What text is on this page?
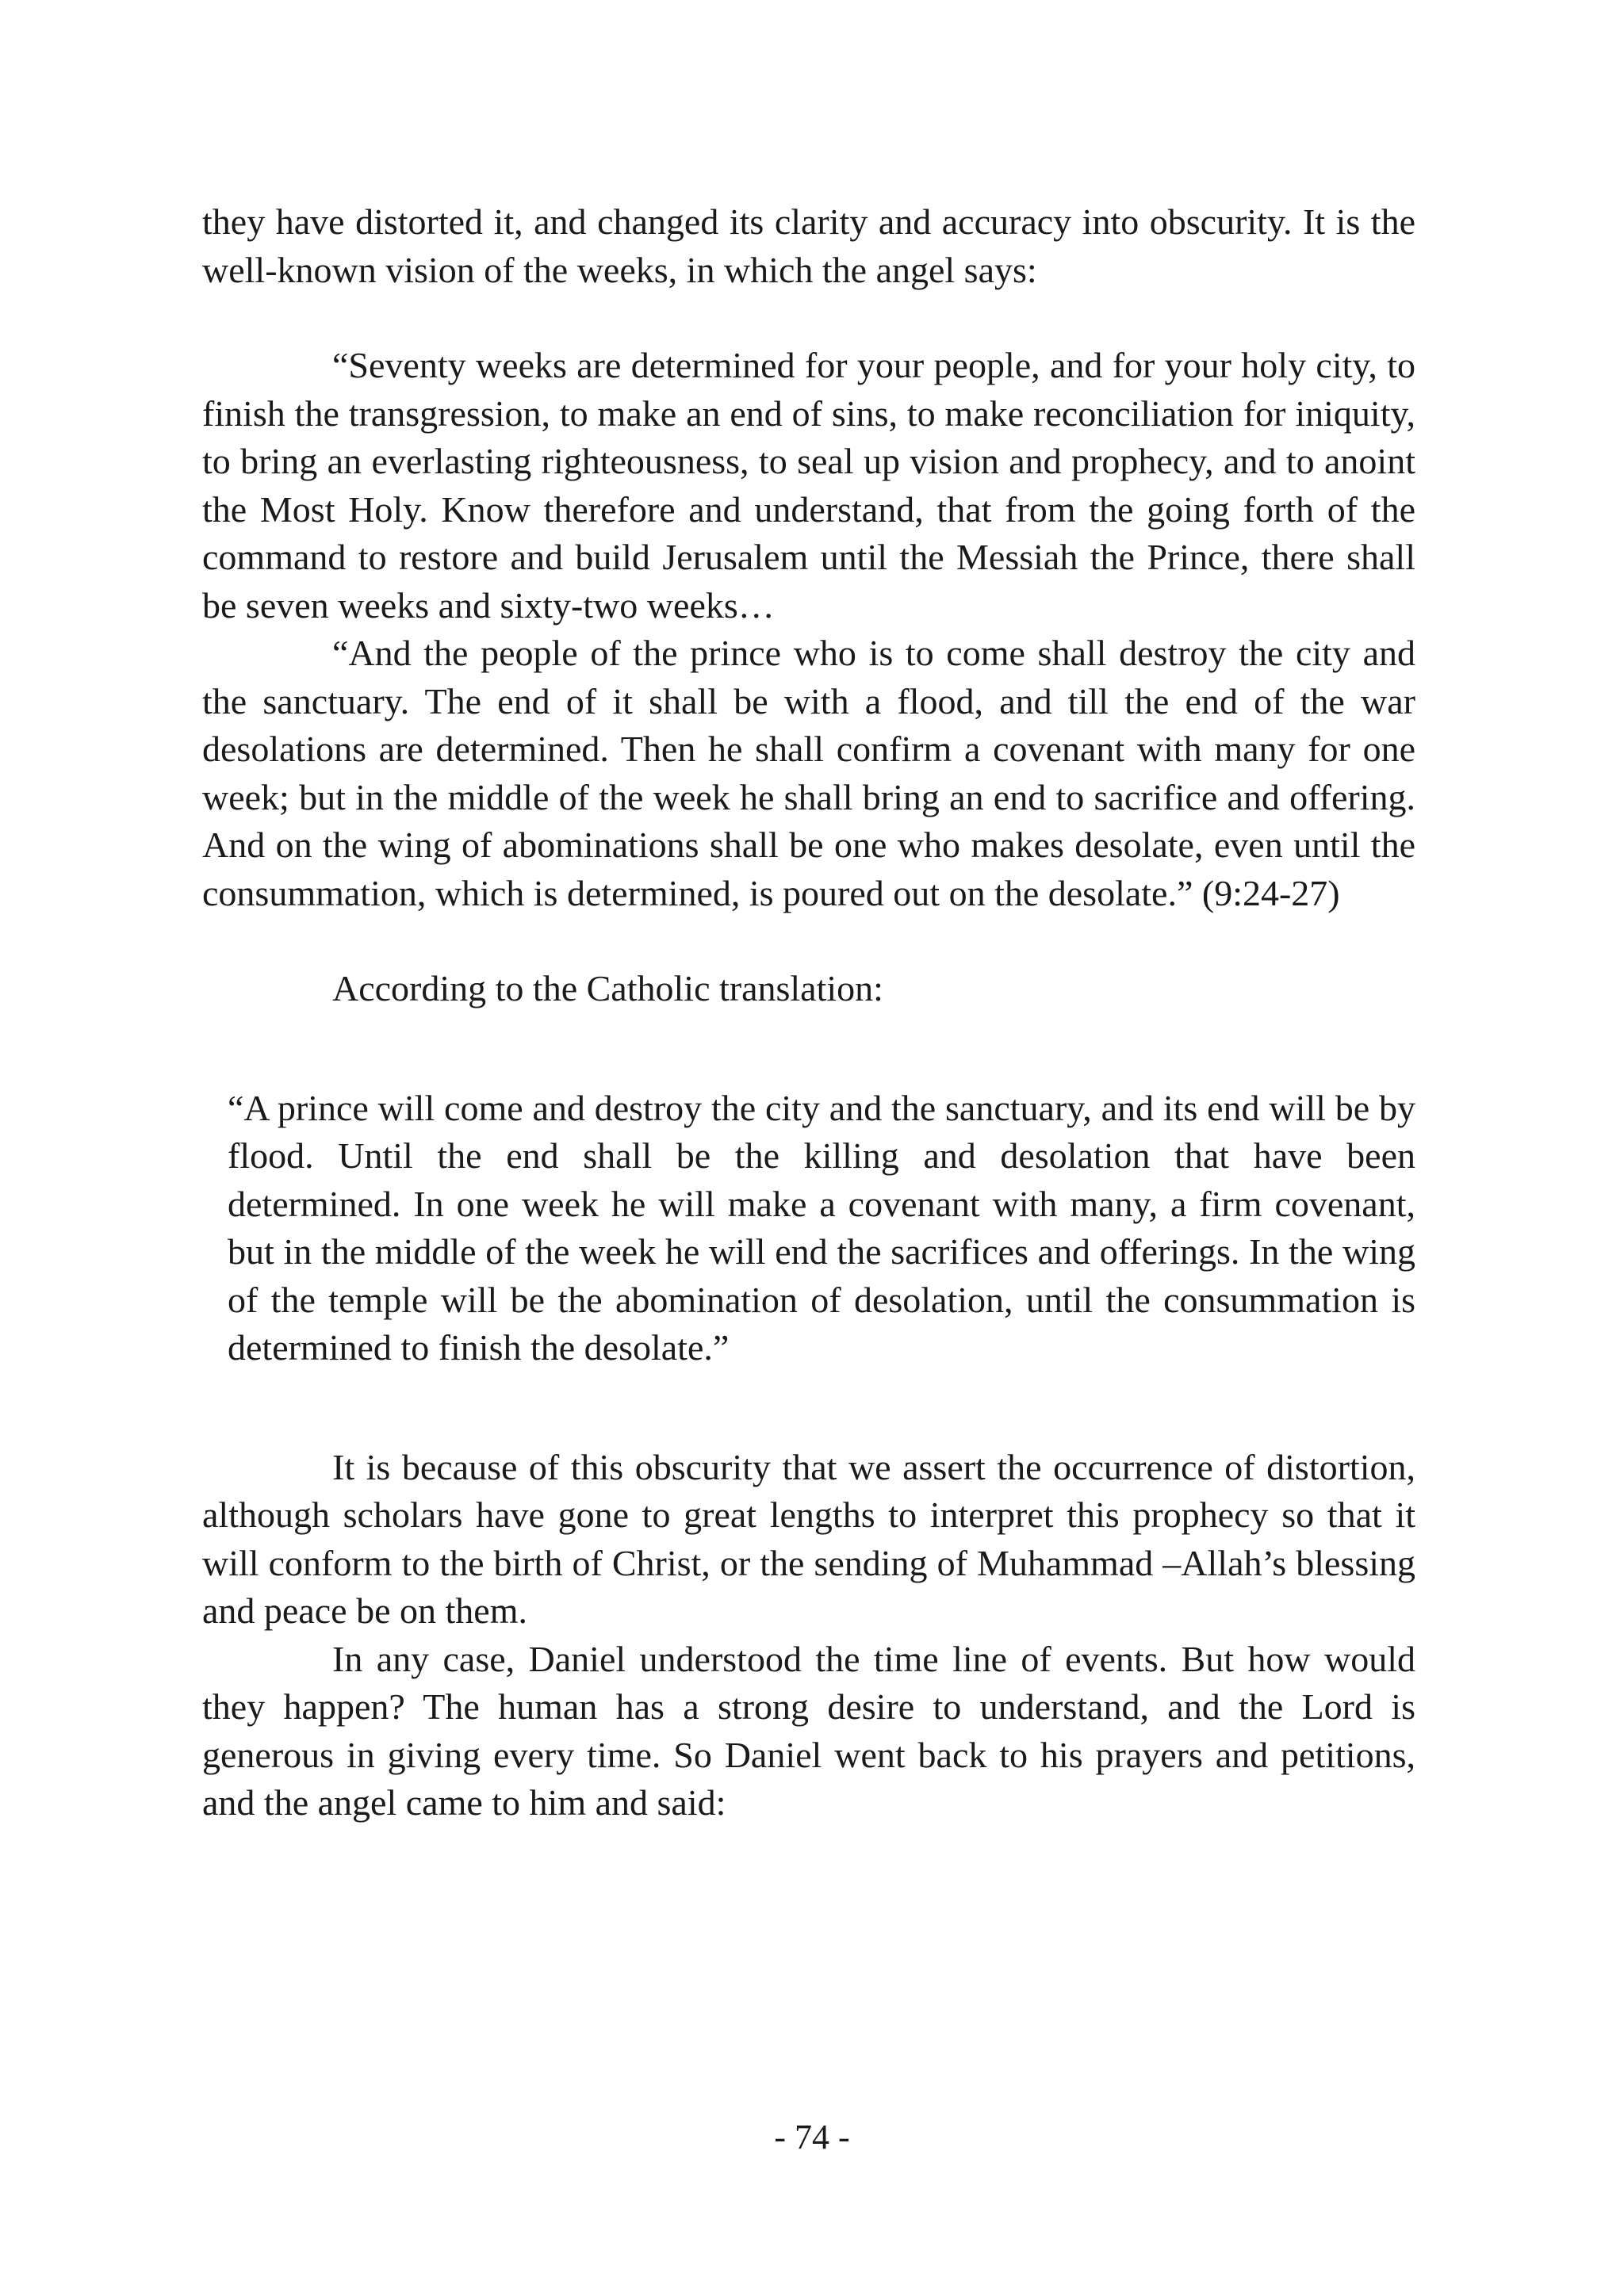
they have distorted it, and changed its clarity and accuracy into obscurity. It is the well-known vision of the weeks, in which the angel says:

“Seventy weeks are determined for your people, and for your holy city, to finish the transgression, to make an end of sins, to make reconciliation for iniquity, to bring an everlasting righteousness, to seal up vision and prophecy, and to anoint the Most Holy. Know therefore and understand, that from the going forth of the command to restore and build Jerusalem until the Messiah the Prince, there shall be seven weeks and sixty-two weeks…

“And the people of the prince who is to come shall destroy the city and the sanctuary. The end of it shall be with a flood, and till the end of the war desolations are determined. Then he shall confirm a covenant with many for one week; but in the middle of the week he shall bring an end to sacrifice and offering. And on the wing of abominations shall be one who makes desolate, even until the consummation, which is determined, is poured out on the desolate.” (9:24-27)

According to the Catholic translation:

“A prince will come and destroy the city and the sanctuary, and its end will be by flood. Until the end shall be the killing and desolation that have been determined. In one week he will make a covenant with many, a firm covenant, but in the middle of the week he will end the sacrifices and offerings. In the wing of the temple will be the abomination of desolation, until the consummation is determined to finish the desolate.”

It is because of this obscurity that we assert the occurrence of distortion, although scholars have gone to great lengths to interpret this prophecy so that it will conform to the birth of Christ, or the sending of Muhammad –Allah’s blessing and peace be on them.

In any case, Daniel understood the time line of events. But how would they happen? The human has a strong desire to understand, and the Lord is generous in giving every time. So Daniel went back to his prayers and petitions, and the angel came to him and said:

- 74 -
